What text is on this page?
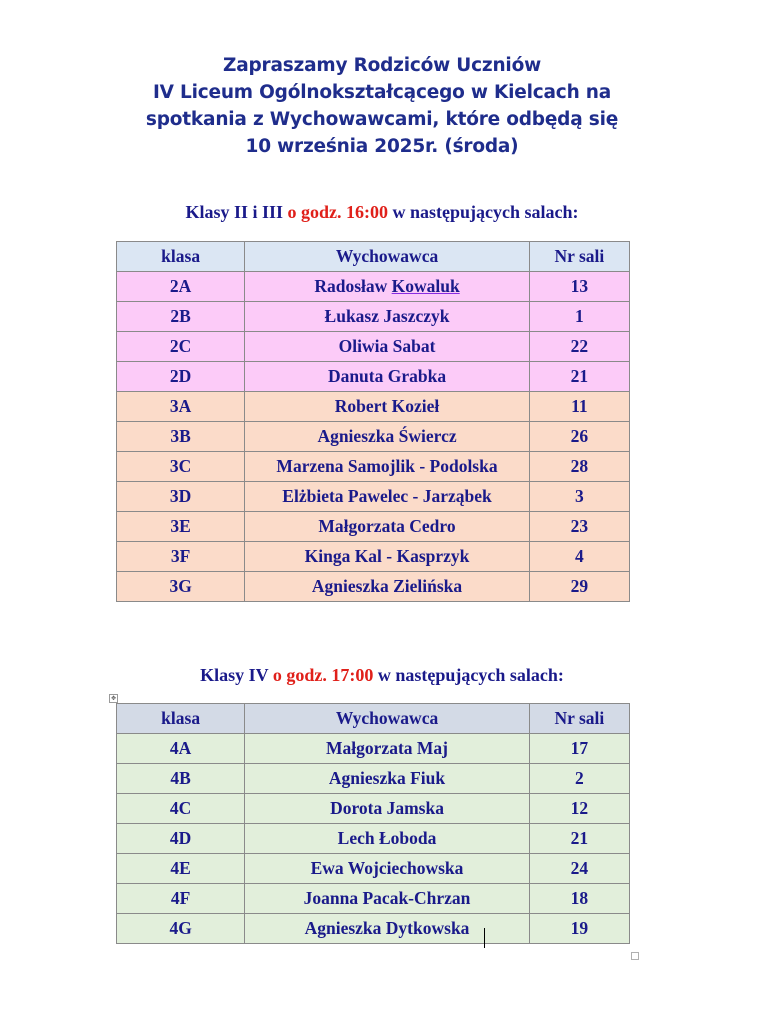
Zapraszamy Rodziców Uczniów
IV Liceum Ogólnokształcącego w Kielcach na
spotkania z Wychowawcami, które odbędą się
10 września 2025r. (środa)
Klasy II i III o godz. 16:00 w następujących salach:
klasa	Wychowawca	Nr sali
2A	Radosław Kowaluk	13
2B	Łukasz Jaszczyk	1
2C	Oliwia Sabat	22
2D	Danuta Grabka	21
3A	Robert Kozieł	11
3B	Agnieszka Świercz	26
3C	Marzena Samojlik - Podolska	28
3D	Elżbieta Pawelec - Jarząbek	3
3E	Małgorzata Cedro	23
3F	Kinga Kal - Kasprzyk	4
3G	Agnieszka Zielińska	29
Klasy IV o godz. 17:00 w następujących salach:
✥
klasa	Wychowawca	Nr sali
4A	Małgorzata Maj	17
4B	Agnieszka Fiuk	2
4C	Dorota Jamska	12
4D	Lech Łoboda	21
4E	Ewa Wojciechowska	24
4F	Joanna Pacak-Chrzan	18
4G	Agnieszka Dytkowska	19
